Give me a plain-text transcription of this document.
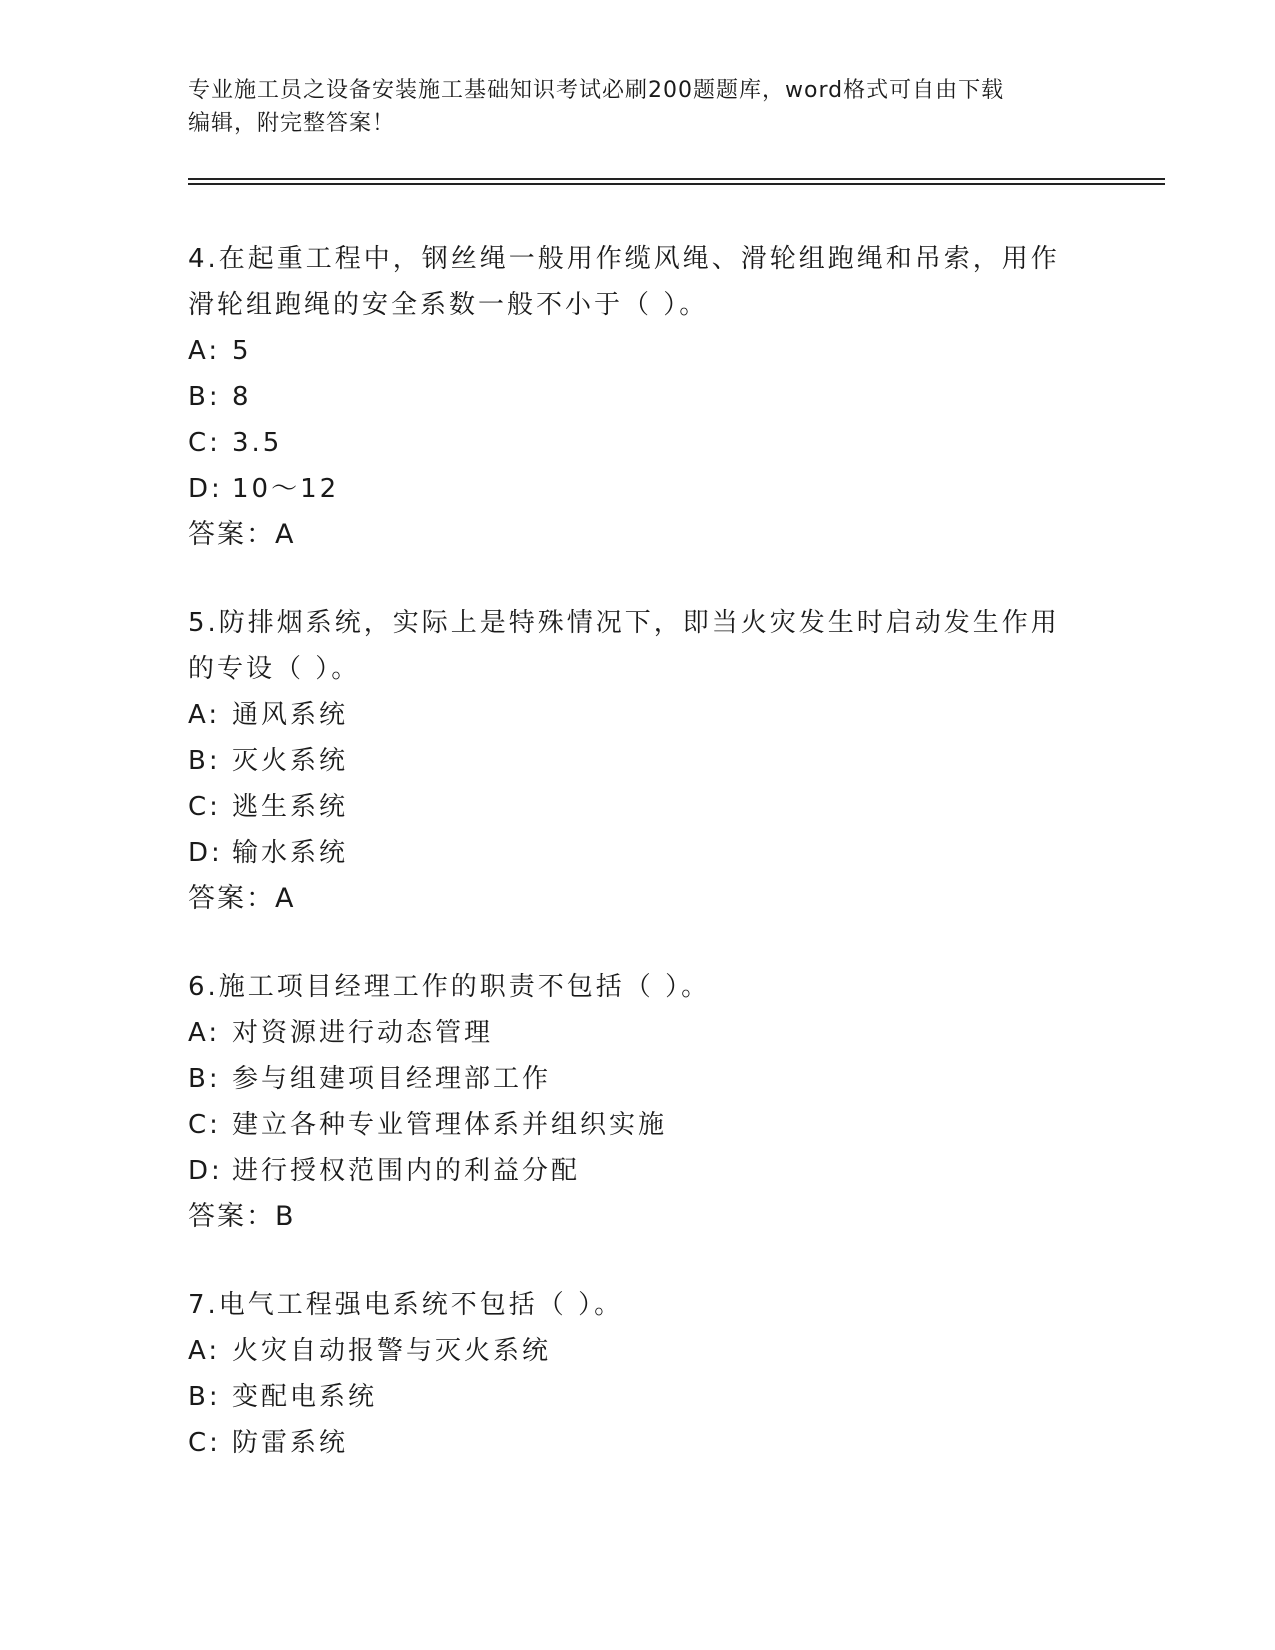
专业施工员之设备安装施工基础知识考试必刷200题题库，word格式可自由下载
编辑，附完整答案！
4.在起重工程中，钢丝绳一般用作缆风绳、滑轮组跑绳和吊索，用作
滑轮组跑绳的安全系数一般不小于（ ）。
A: 5
B: 8
C: 3.5
D: 10～12
答案：A
5.防排烟系统，实际上是特殊情况下，即当火灾发生时启动发生作用
的专设（ ）。
A: 通风系统
B: 灭火系统
C: 逃生系统
D: 输水系统
答案：A
6.施工项目经理工作的职责不包括（ ）。
A: 对资源进行动态管理
B: 参与组建项目经理部工作
C: 建立各种专业管理体系并组织实施
D: 进行授权范围内的利益分配
答案：B
7.电气工程强电系统不包括（ ）。
A: 火灾自动报警与灭火系统
B: 变配电系统
C: 防雷系统
